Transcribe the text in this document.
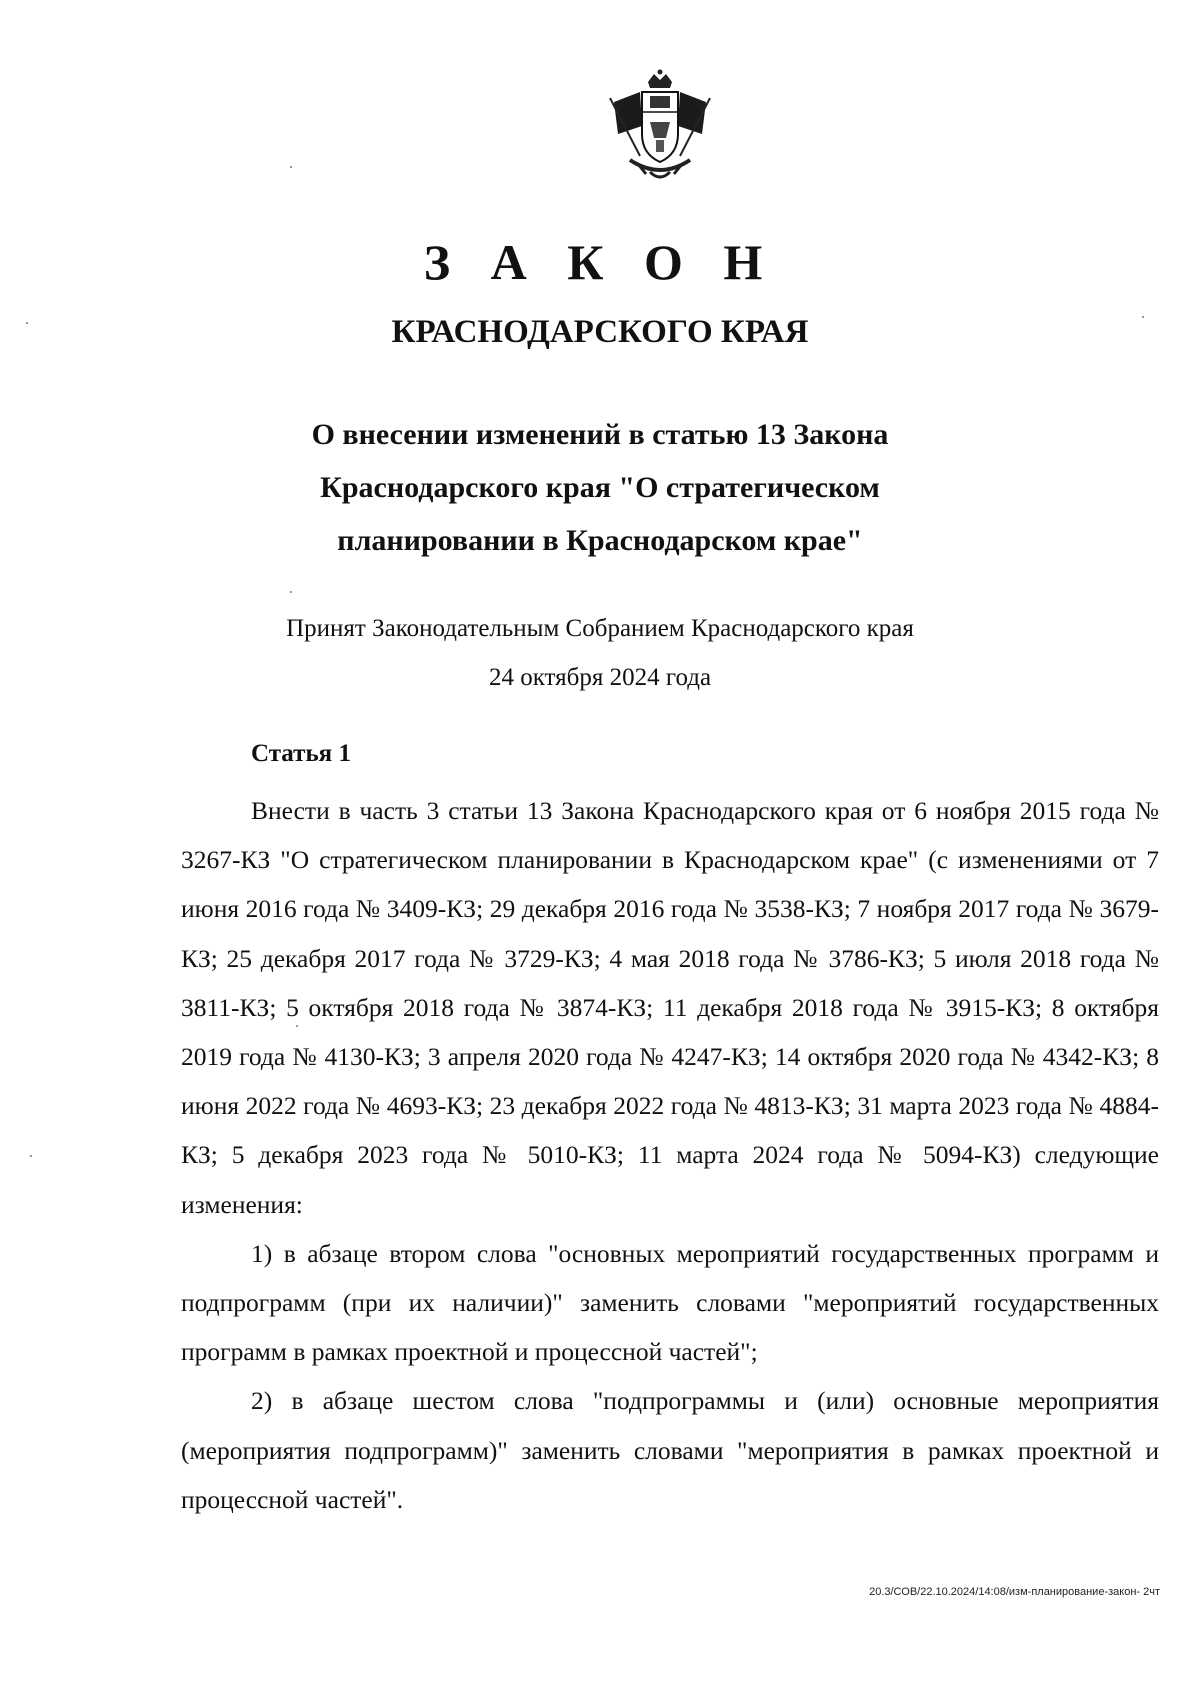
З А К О Н
КРАСНОДАРСКОГО КРАЯ
О внесении изменений в статью 13 Закона
Краснодарского края "О стратегическом
планировании в Краснодарском крае"
Принят Законодательным Собранием Краснодарского края
24 октября 2024 года
Статья 1

Внести в часть 3 статьи 13 Закона Краснодарского края от 6 ноября 2015 года № 3267-КЗ "О стратегическом планировании в Краснодарском крае" (с изменениями от 7 июня 2016 года № 3409-КЗ; 29 декабря 2016 года № 3538-КЗ; 7 ноября 2017 года № 3679-КЗ; 25 декабря 2017 года № 3729-КЗ; 4 мая 2018 года № 3786-КЗ; 5 июля 2018 года № 3811-КЗ; 5 октября 2018 года № 3874-КЗ; 11 декабря 2018 года № 3915-КЗ; 8 октября 2019 года № 4130-КЗ; 3 апреля 2020 года № 4247-КЗ; 14 октября 2020 года № 4342-КЗ; 8 июня 2022 года № 4693-КЗ; 23 декабря 2022 года № 4813-КЗ; 31 марта 2023 года № 4884-КЗ; 5 декабря 2023 года № 5010-КЗ; 11 марта 2024 года № 5094-КЗ) следующие изменения:

1) в абзаце втором слова "основных мероприятий государственных программ и подпрограмм (при их наличии)" заменить словами "мероприятий государственных программ в рамках проектной и процессной частей";

2) в абзаце шестом слова "подпрограммы и (или) основные мероприятия (мероприятия подпрограмм)" заменить словами "мероприятия в рамках проектной и процессной частей".

20.3/СОВ/22.10.2024/14:08/изм-планирование-закон- 2чт
